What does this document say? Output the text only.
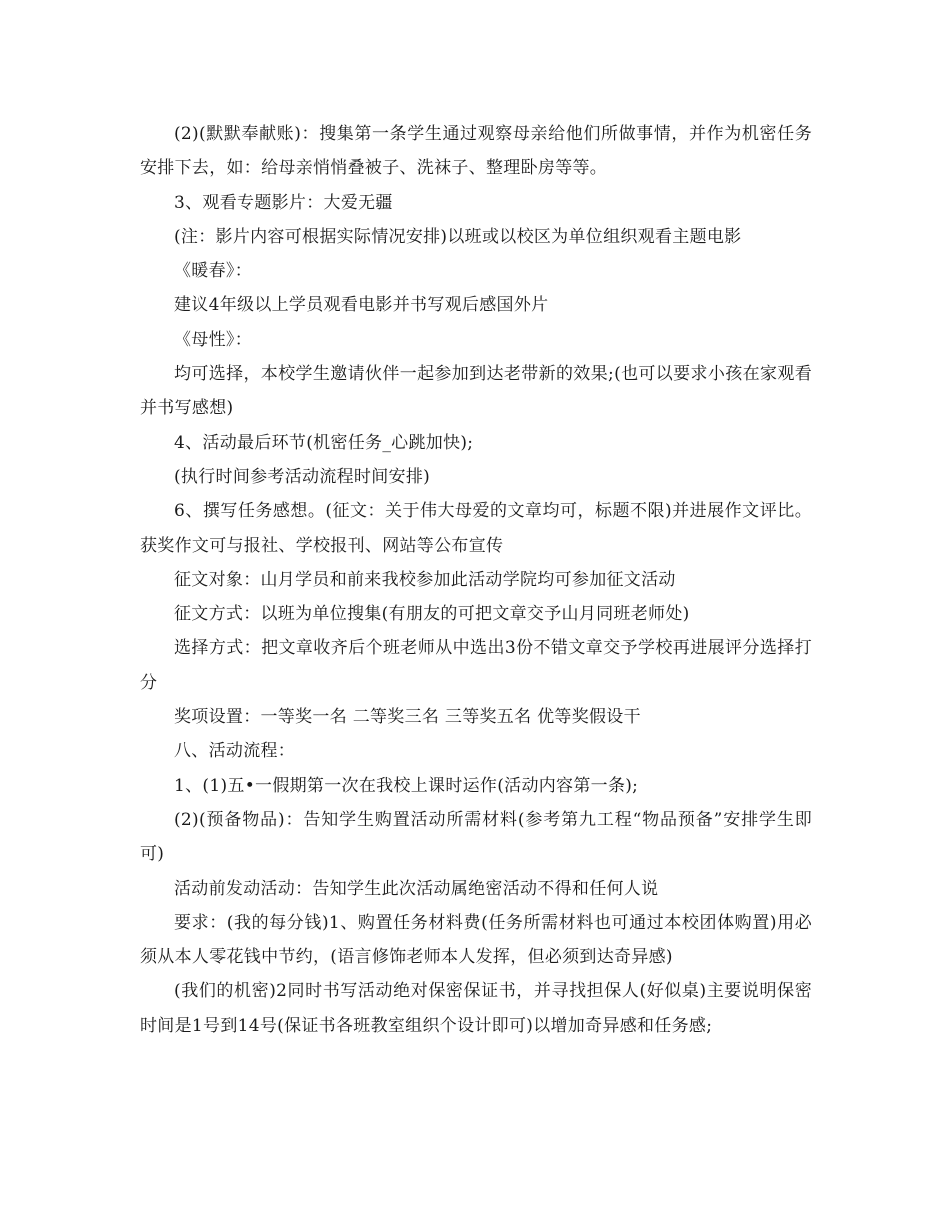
(2)(默默奉献账)：搜集第一条学生通过观察母亲给他们所做事情，并作为机密任务安排下去，如：给母亲悄悄叠被子、洗袜子、整理卧房等等。

3、观看专题影片：大爱无疆

(注：影片内容可根据实际情况安排)以班或以校区为单位组织观看主题电影

《暖春》：

建议4年级以上学员观看电影并书写观后感国外片

《母性》：

均可选择，本校学生邀请伙伴一起参加到达老带新的效果;(也可以要求小孩在家观看并书写感想)

4、活动最后环节(机密任务_心跳加快);

(执行时间参考活动流程时间安排)

6、撰写任务感想。(征文：关于伟大母爱的文章均可，标题不限)并进展作文评比。获奖作文可与报社、学校报刊、网站等公布宣传

征文对象：山月学员和前来我校参加此活动学院均可参加征文活动

征文方式：以班为单位搜集(有朋友的可把文章交予山月同班老师处)

选择方式：把文章收齐后个班老师从中选出3份不错文章交予学校再进展评分选择打分

奖项设置：一等奖一名 二等奖三名 三等奖五名 优等奖假设干

八、活动流程：

1、(1)五•一假期第一次在我校上课时运作(活动内容第一条);

(2)(预备物品)：告知学生购置活动所需材料(参考第九工程“物品预备”安排学生即可)

活动前发动活动：告知学生此次活动属绝密活动不得和任何人说

要求：(我的每分钱)1、购置任务材料费(任务所需材料也可通过本校团体购置)用必须从本人零花钱中节约，(语言修饰老师本人发挥，但必须到达奇异感)

(我们的机密)2同时书写活动绝对保密保证书，并寻找担保人(好似桌)主要说明保密时间是1号到14号(保证书各班教室组织个设计即可)以增加奇异感和任务感;
